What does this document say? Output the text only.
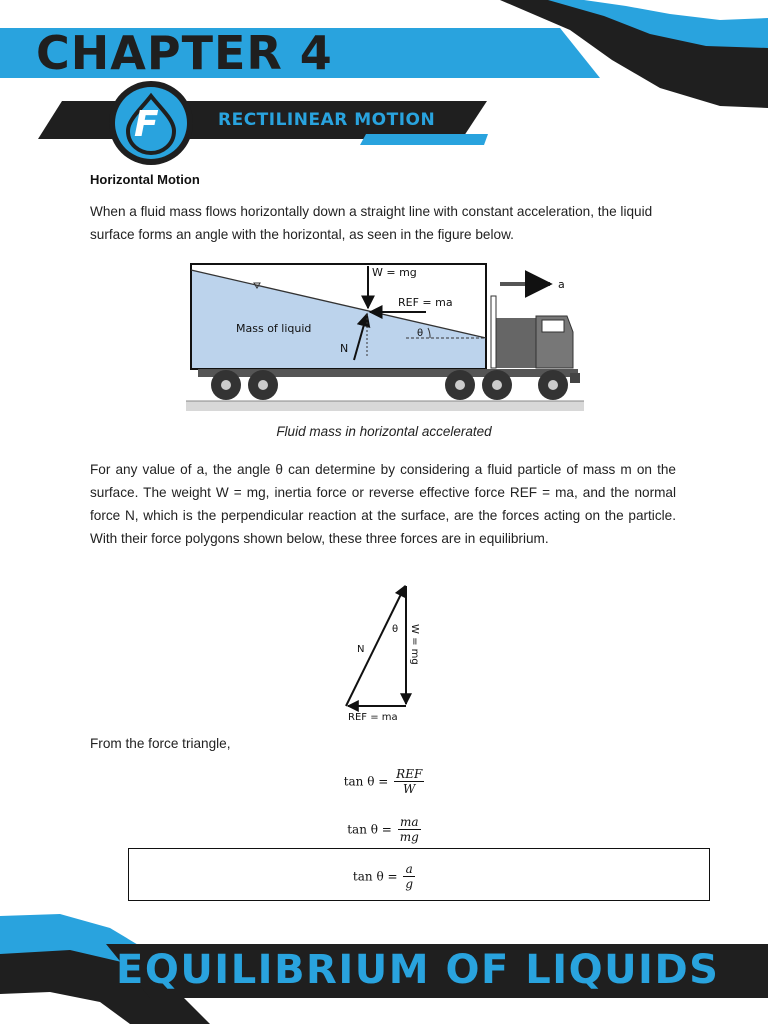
CHAPTER 4
F	RECTILINEAR MOTION
Horizontal Motion

When a fluid mass flows horizontally down a straight line with constant acceleration, the liquid surface forms an angle with the horizontal, as seen in the figure below.

W = mg
REF = ma
a
Mass of liquid	θ
N
Fluid mass in horizontal accelerated

For any value of a, the angle θ can determine by considering a fluid particle of mass m on the surface. The weight W = mg, inertia force or reverse effective force REF = ma, and the normal force N, which is the perpendicular reaction at the surface, are the forces acting on the particle. With their force polygons shown below, these three forces are in equilibrium.

N
θ W = mg
REF = ma
From the force triangle,
$\tan \theta = \frac{\text{REF}}{W}$
$\tan \theta = \frac{ma}{mg}$
$\tan \theta = \frac{a}{g}$
EQUILIBRIUM OF LIQUIDS
